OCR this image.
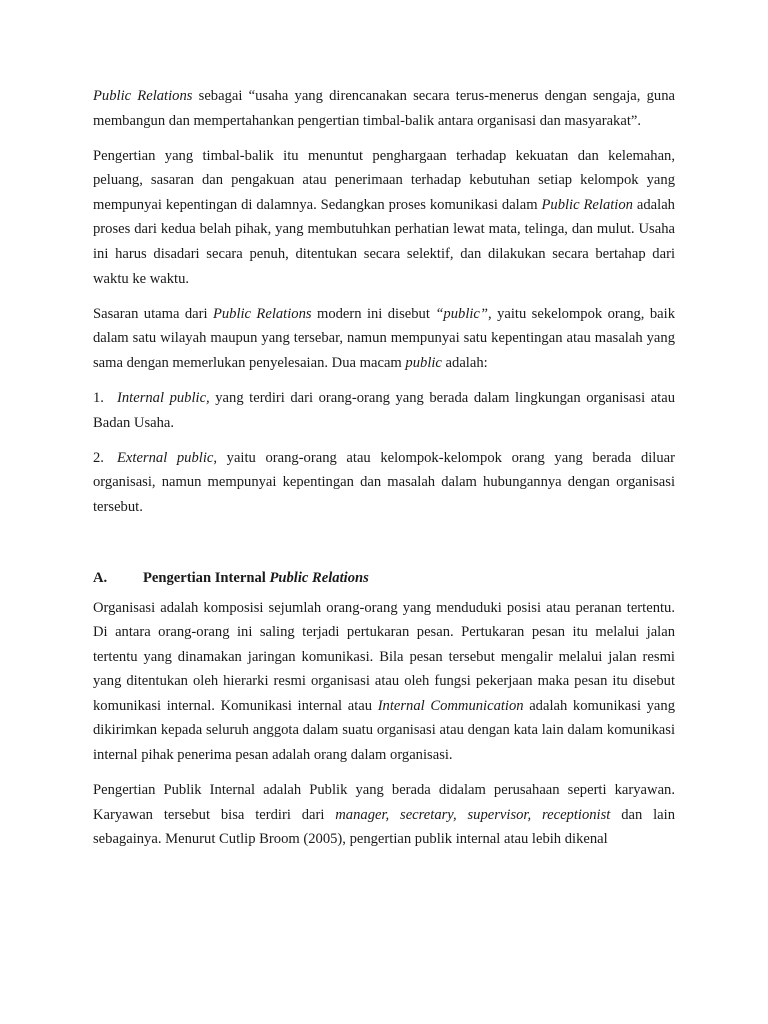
Public Relations sebagai “usaha yang direncanakan secara terus-menerus dengan sengaja, guna membangun dan mempertahankan pengertian timbal-balik antara organisasi dan masyarakat”.

Pengertian yang timbal-balik itu menuntut penghargaan terhadap kekuatan dan kelemahan, peluang, sasaran dan pengakuan atau penerimaan terhadap kebutuhan setiap kelompok yang mempunyai kepentingan di dalamnya. Sedangkan proses komunikasi dalam Public Relation adalah proses dari kedua belah pihak, yang membutuhkan perhatian lewat mata, telinga, dan mulut. Usaha ini harus disadari secara penuh, ditentukan secara selektif, dan dilakukan secara bertahap dari waktu ke waktu.

Sasaran utama dari Public Relations modern ini disebut “public”, yaitu sekelompok orang, baik dalam satu wilayah maupun yang tersebar, namun mempunyai satu kepentingan atau masalah yang sama dengan memerlukan penyelesaian. Dua macam public adalah:

1. Internal public, yang terdiri dari orang-orang yang berada dalam lingkungan organisasi atau Badan Usaha.

2. External public, yaitu orang-orang atau kelompok-kelompok orang yang berada diluar organisasi, namun mempunyai kepentingan dan masalah dalam hubungannya dengan organisasi tersebut.

A.	Pengertian Internal Public Relations

Organisasi adalah komposisi sejumlah orang-orang yang menduduki posisi atau peranan tertentu. Di antara orang-orang ini saling terjadi pertukaran pesan. Pertukaran pesan itu melalui jalan tertentu yang dinamakan jaringan komunikasi. Bila pesan tersebut mengalir melalui jalan resmi yang ditentukan oleh hierarki resmi organisasi atau oleh fungsi pekerjaan maka pesan itu disebut komunikasi internal. Komunikasi internal atau Internal Communication adalah komunikasi yang dikirimkan kepada seluruh anggota dalam suatu organisasi atau dengan kata lain dalam komunikasi internal pihak penerima pesan adalah orang dalam organisasi.

Pengertian Publik Internal adalah Publik yang berada didalam perusahaan seperti karyawan. Karyawan tersebut bisa terdiri dari manager, secretary, supervisor, receptionist dan lain sebagainya. Menurut Cutlip Broom (2005), pengertian publik internal atau lebih dikenal
